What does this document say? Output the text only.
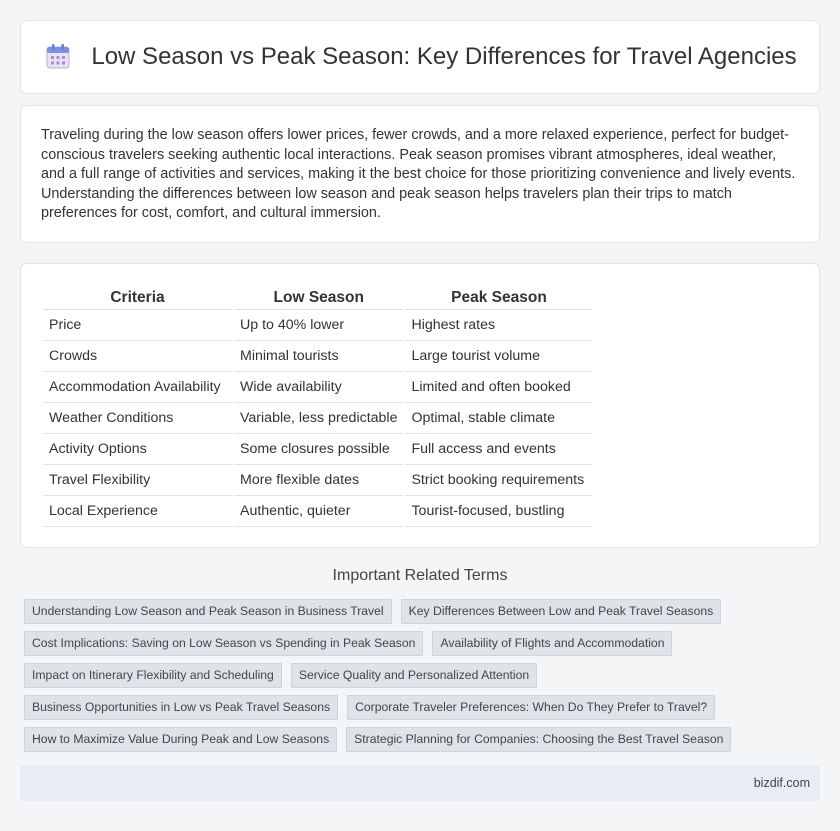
Low Season vs Peak Season: Key Differences for Travel Agencies

Traveling during the low season offers lower prices, fewer crowds, and a more relaxed experience, perfect for budget-conscious travelers seeking authentic local interactions. Peak season promises vibrant atmospheres, ideal weather, and a full range of activities and services, making it the best choice for those prioritizing convenience and lively events. Understanding the differences between low season and peak season helps travelers plan their trips to match preferences for cost, comfort, and cultural immersion.

Criteria	Low Season	Peak Season
Price	Up to 40% lower	Highest rates
Crowds	Minimal tourists	Large tourist volume
Accommodation Availability	Wide availability	Limited and often booked
Weather Conditions	Variable, less predictable	Optimal, stable climate
Activity Options	Some closures possible	Full access and events
Travel Flexibility	More flexible dates	Strict booking requirements
Local Experience	Authentic, quieter	Tourist-focused, bustling
Important Related Terms
Understanding Low Season and Peak Season in Business Travel	Key Differences Between Low and Peak Travel Seasons
Cost Implications: Saving on Low Season vs Spending in Peak Season	Availability of Flights and Accommodation
Impact on Itinerary Flexibility and Scheduling	Service Quality and Personalized Attention
Business Opportunities in Low vs Peak Travel Seasons	Corporate Traveler Preferences: When Do They Prefer to Travel?
How to Maximize Value During Peak and Low Seasons	Strategic Planning for Companies: Choosing the Best Travel Season
bizdif.com
